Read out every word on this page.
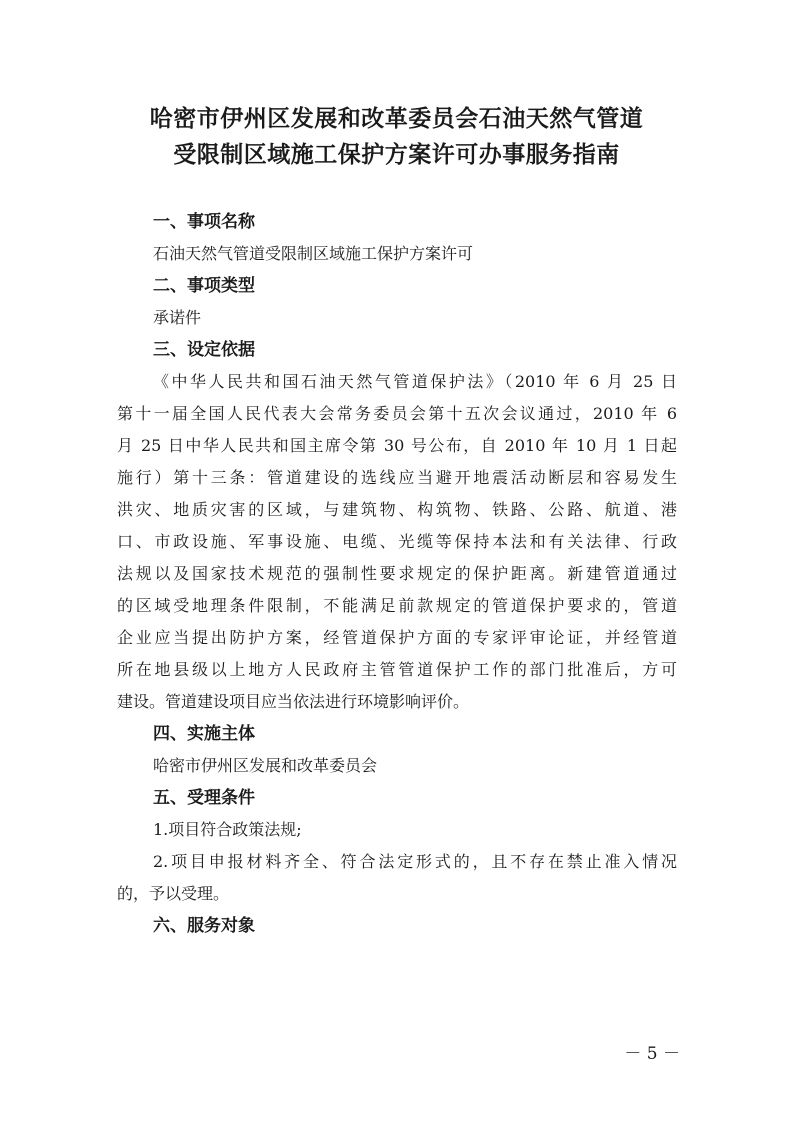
哈密市伊州区发展和改革委员会石油天然气管道
受限制区域施工保护方案许可办事服务指南
一、事项名称
石油天然气管道受限制区域施工保护方案许可
二、事项类型
承诺件
三、设定依据
《中华人民共和国石油天然气管道保护法》（2010 年 6 月 25 日
第十一届全国人民代表大会常务委员会第十五次会议通过，2010 年 6
月 25 日中华人民共和国主席令第 30 号公布，自 2010 年 10 月 1 日起
施行）第十三条：管道建设的选线应当避开地震活动断层和容易发生
洪灾、地质灾害的区域，与建筑物、构筑物、铁路、公路、航道、港
口、市政设施、军事设施、电缆、光缆等保持本法和有关法律、行政
法规以及国家技术规范的强制性要求规定的保护距离。新建管道通过
的区域受地理条件限制，不能满足前款规定的管道保护要求的，管道
企业应当提出防护方案，经管道保护方面的专家评审论证，并经管道
所在地县级以上地方人民政府主管管道保护工作的部门批准后，方可
建设。管道建设项目应当依法进行环境影响评价。
四、实施主体
哈密市伊州区发展和改革委员会
五、受理条件
1.项目符合政策法规;
2.项目申报材料齐全、符合法定形式的，且不存在禁止准入情况
的，予以受理。
六、服务对象
－ 5 －
